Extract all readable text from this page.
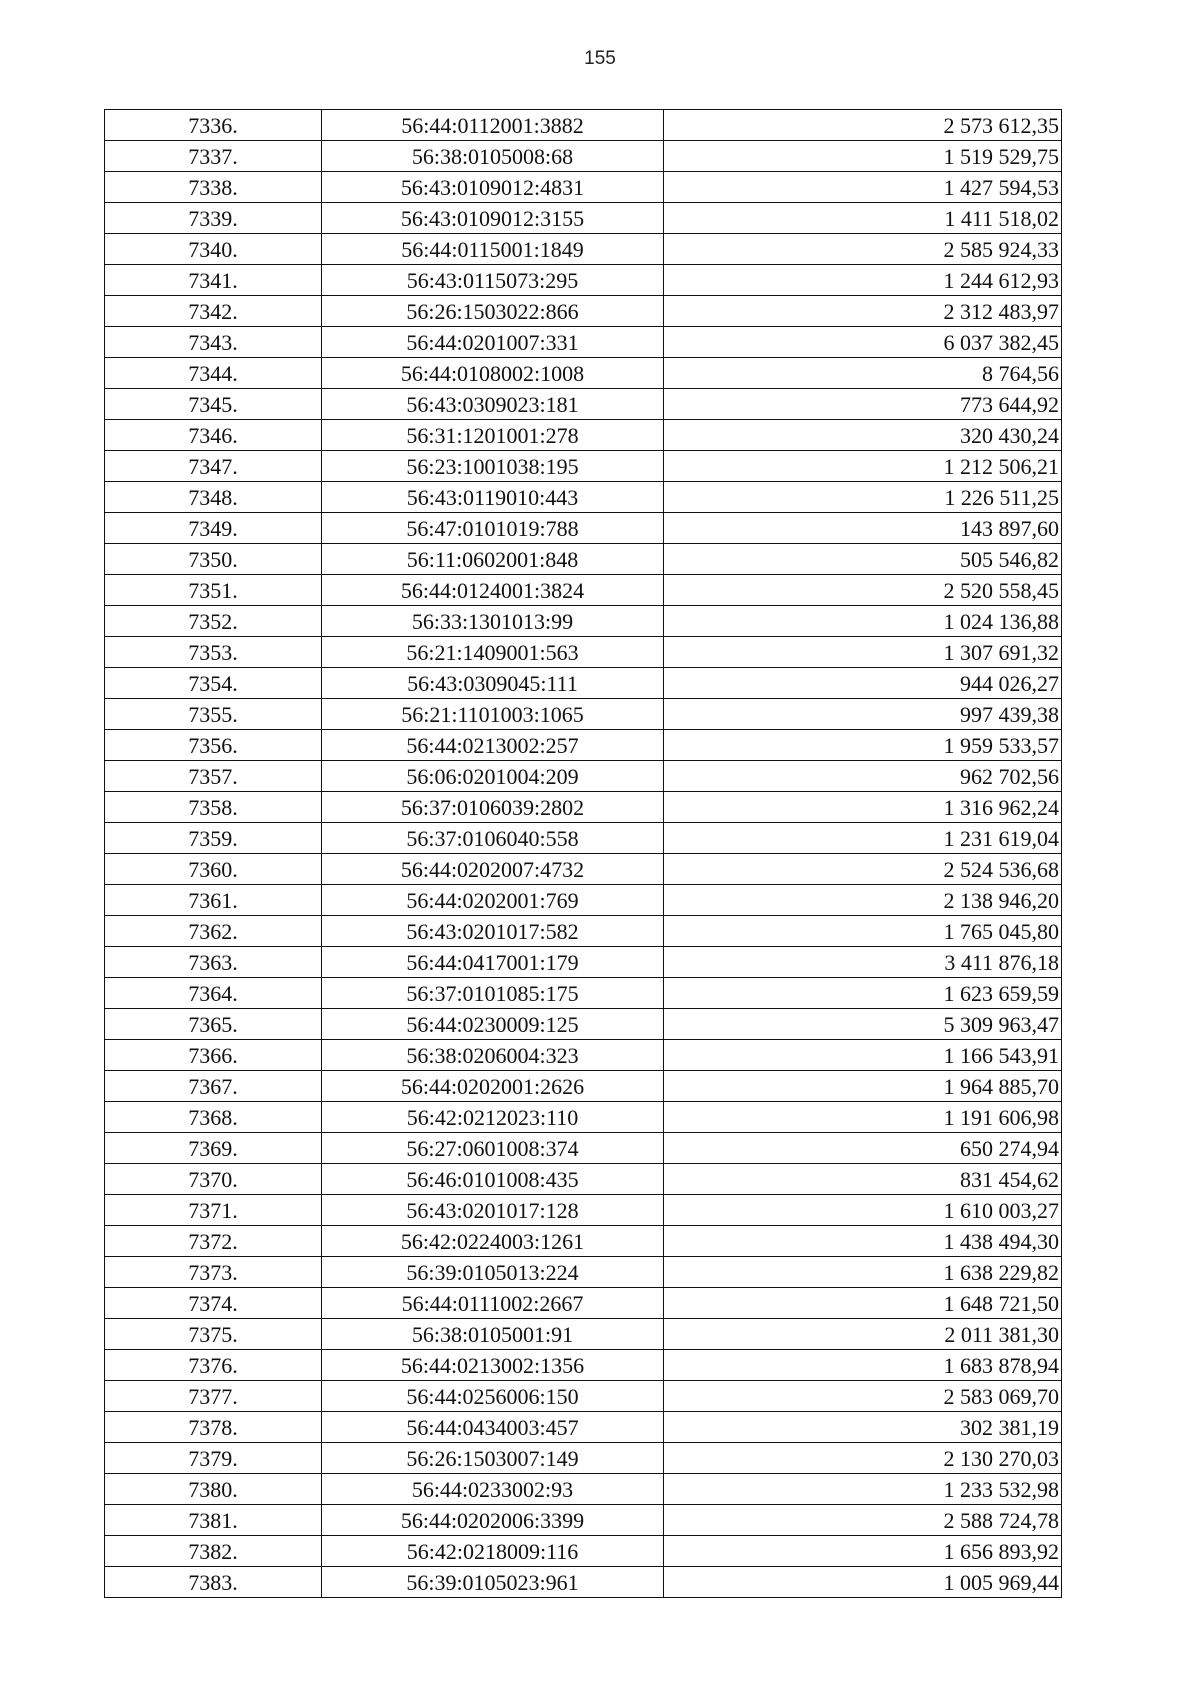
155
7336.	56:44:0112001:3882	2 573 612,35
7337.	56:38:0105008:68	1 519 529,75
7338.	56:43:0109012:4831	1 427 594,53
7339.	56:43:0109012:3155	1 411 518,02
7340.	56:44:0115001:1849	2 585 924,33
7341.	56:43:0115073:295	1 244 612,93
7342.	56:26:1503022:866	2 312 483,97
7343.	56:44:0201007:331	6 037 382,45
7344.	56:44:0108002:1008	8 764,56
7345.	56:43:0309023:181	773 644,92
7346.	56:31:1201001:278	320 430,24
7347.	56:23:1001038:195	1 212 506,21
7348.	56:43:0119010:443	1 226 511,25
7349.	56:47:0101019:788	143 897,60
7350.	56:11:0602001:848	505 546,82
7351.	56:44:0124001:3824	2 520 558,45
7352.	56:33:1301013:99	1 024 136,88
7353.	56:21:1409001:563	1 307 691,32
7354.	56:43:0309045:111	944 026,27
7355.	56:21:1101003:1065	997 439,38
7356.	56:44:0213002:257	1 959 533,57
7357.	56:06:0201004:209	962 702,56
7358.	56:37:0106039:2802	1 316 962,24
7359.	56:37:0106040:558	1 231 619,04
7360.	56:44:0202007:4732	2 524 536,68
7361.	56:44:0202001:769	2 138 946,20
7362.	56:43:0201017:582	1 765 045,80
7363.	56:44:0417001:179	3 411 876,18
7364.	56:37:0101085:175	1 623 659,59
7365.	56:44:0230009:125	5 309 963,47
7366.	56:38:0206004:323	1 166 543,91
7367.	56:44:0202001:2626	1 964 885,70
7368.	56:42:0212023:110	1 191 606,98
7369.	56:27:0601008:374	650 274,94
7370.	56:46:0101008:435	831 454,62
7371.	56:43:0201017:128	1 610 003,27
7372.	56:42:0224003:1261	1 438 494,30
7373.	56:39:0105013:224	1 638 229,82
7374.	56:44:0111002:2667	1 648 721,50
7375.	56:38:0105001:91	2 011 381,30
7376.	56:44:0213002:1356	1 683 878,94
7377.	56:44:0256006:150	2 583 069,70
7378.	56:44:0434003:457	302 381,19
7379.	56:26:1503007:149	2 130 270,03
7380.	56:44:0233002:93	1 233 532,98
7381.	56:44:0202006:3399	2 588 724,78
7382.	56:42:0218009:116	1 656 893,92
7383.	56:39:0105023:961	1 005 969,44
